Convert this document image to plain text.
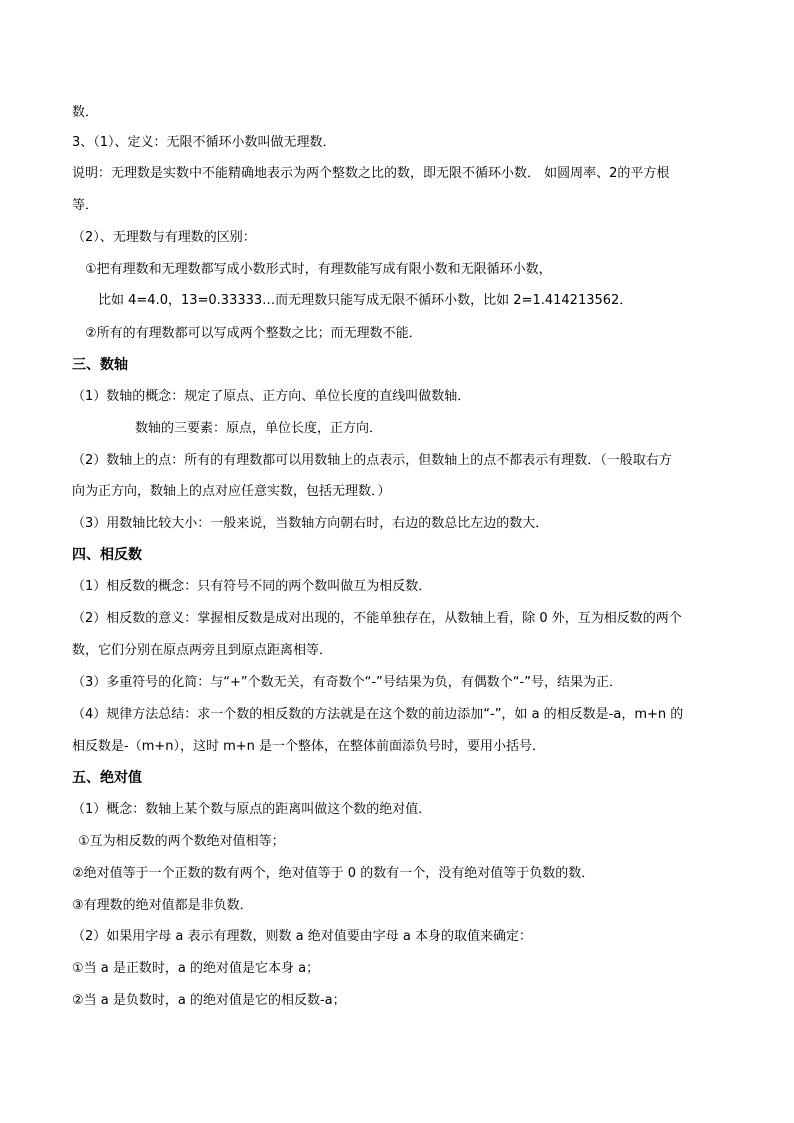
数．

3、（1）、定义：无限不循环小数叫做无理数．

说明：无理数是实数中不能精确地表示为两个整数之比的数，即无限不循环小数． 如圆周率、2的平方根

等．

（2）、无理数与有理数的区别：

①把有理数和无理数都写成小数形式时，有理数能写成有限小数和无限循环小数，

比如 4=4.0，13=0.33333…而无理数只能写成无限不循环小数，比如 2=1.414213562．

②所有的有理数都可以写成两个整数之比；而无理数不能．

三、数轴

（1）数轴的概念：规定了原点、正方向、单位长度的直线叫做数轴．

数轴的三要素：原点，单位长度，正方向．

（2）数轴上的点：所有的有理数都可以用数轴上的点表示，但数轴上的点不都表示有理数．（一般取右方

向为正方向，数轴上的点对应任意实数，包括无理数．）

（3）用数轴比较大小：一般来说，当数轴方向朝右时，右边的数总比左边的数大．

四、相反数

（1）相反数的概念：只有符号不同的两个数叫做互为相反数．

（2）相反数的意义：掌握相反数是成对出现的，不能单独存在，从数轴上看，除 0 外，互为相反数的两个

数，它们分别在原点两旁且到原点距离相等．

（3）多重符号的化简：与“+”个数无关，有奇数个“-”号结果为负，有偶数个“-”号，结果为正．

（4）规律方法总结：求一个数的相反数的方法就是在这个数的前边添加“-”，如 a 的相反数是-a，m+n 的

相反数是-（m+n），这时 m+n 是一个整体，在整体前面添负号时，要用小括号．

五、绝对值

（1）概念：数轴上某个数与原点的距离叫做这个数的绝对值．

①互为相反数的两个数绝对值相等；

②绝对值等于一个正数的数有两个，绝对值等于 0 的数有一个，没有绝对值等于负数的数．

③有理数的绝对值都是非负数．

（2）如果用字母 a 表示有理数，则数 a 绝对值要由字母 a 本身的取值来确定：

①当 a 是正数时，a 的绝对值是它本身 a；

②当 a 是负数时，a 的绝对值是它的相反数-a；
